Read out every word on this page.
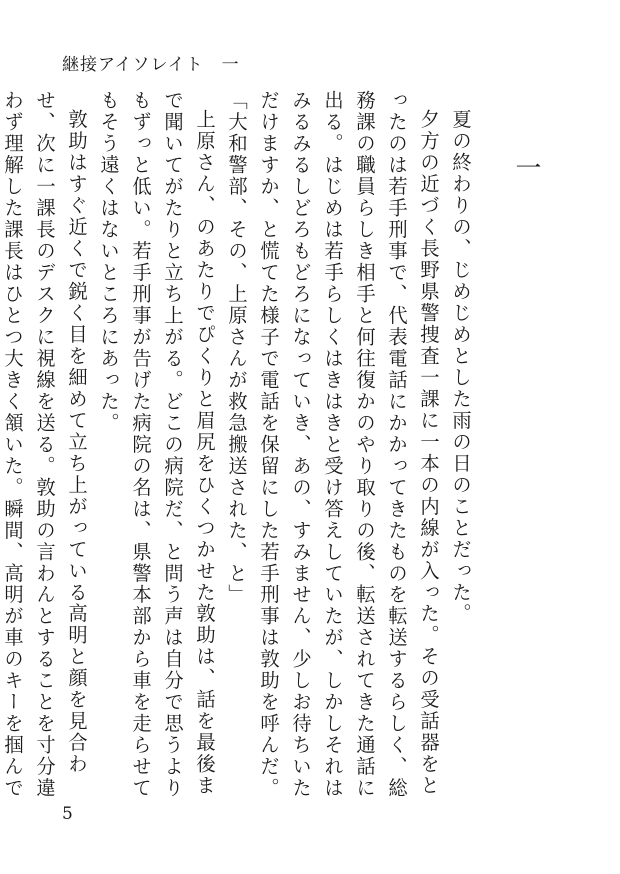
継接アイソレイト 一
一

夏の終わりの、じめじめとした雨の日のことだった。

夕方の近づく長野県警捜査一課に一本の内線が入った。その受話器をとったのは若手刑事で、代表電話にかかってきたものを転送するらしく、総務課の職員らしき相手と何往復かのやり取りの後、転送されてきた通話に出る。はじめは若手らしくはきはきと受け答えしていたが、しかしそれはみるみるしどろもどろになっていき、あの、すみません、少しお待ちいただけますか、と慌てた様子で電話を保留にした若手刑事は敦助を呼んだ。

「大和警部、その、上原さんが救急搬送された、と」

上原さん、のあたりでぴくりと眉尻をひくつかせた敦助は、話を最後まで聞いてがたりと立ち上がる。どこの病院だ、と問う声は自分で思うよりもずっと低い。若手刑事が告げた病院の名は、県警本部から車を走らせてもそう遠くはないところにあった。

敦助はすぐ近くで鋭く目を細めて立ち上がっている高明と顔を見合わせ、次に一課長のデスクに視線を送る。敦助の言わんとすることを寸分違わず理解した課長はひとつ大きく頷いた。瞬間、高明が車のキーを掴んで

5
